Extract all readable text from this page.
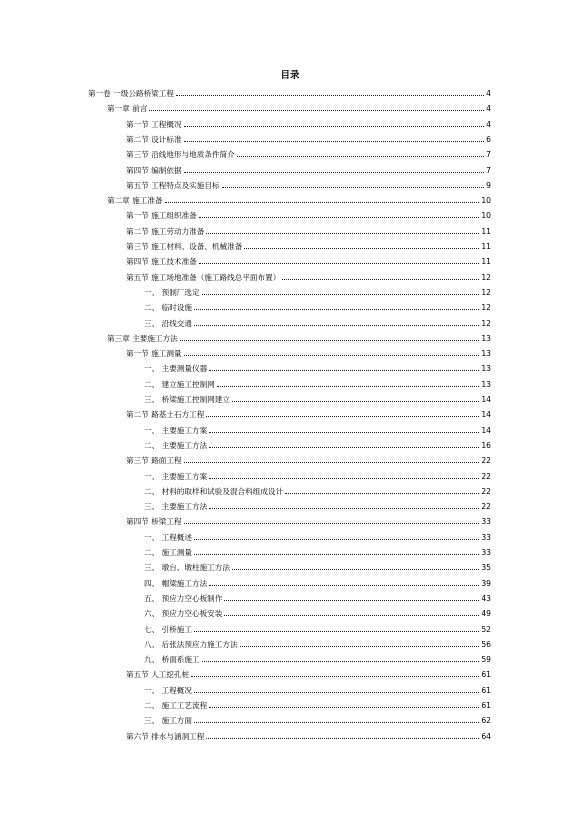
目录
第一卷 一级公路桥梁工程	4
第一章 前言	4
第一节 工程概况	4
第二节 设计标准	6
第三节 沿线地形与地质条件简介	7
第四节 编制依据	7
第五节 工程特点及实施目标	9
第二章 施工准备	10
第一节 施工组织准备	10
第二节 施工劳动力准备	11
第三节 施工材料、设备、机械准备	11
第四节 施工技术准备	11
第五节 施工场地准备（施工路线总平面布置）	12
一、 预制厂选定	12
二、 临时设施	12
三、 沿线交通	12
第三章 主要施工方法	13
第一节 施工测量	13
一、 主要测量仪器	13
二、 建立施工控制网	13
三、 桥梁施工控制网建立	14
第二节 路基土石方工程	14
一、 主要施工方案	14
二、 主要施工方法	16
第三节 路面工程	22
一、 主要施工方案	22
二、 材料的取样和试验及混合料组成设计	22
三、 主要施工方法	22
第四节 桥梁工程	33
一、 工程概述	33
二、 施工测量	33
三、 墩台、墩柱施工方法	35
四、 帽梁施工方法	39
五、 预应力空心板制作	43
六、 预应力空心板安装	49
七、 引桥施工	52
八、 后张法预应力施工方法	56
九、 桥面系施工	59
第五节 人工挖孔桩	61
一、 工程概况	61
二、 施工工艺流程	61
三、 施工方面	62
第六节 排水与涵洞工程	64
